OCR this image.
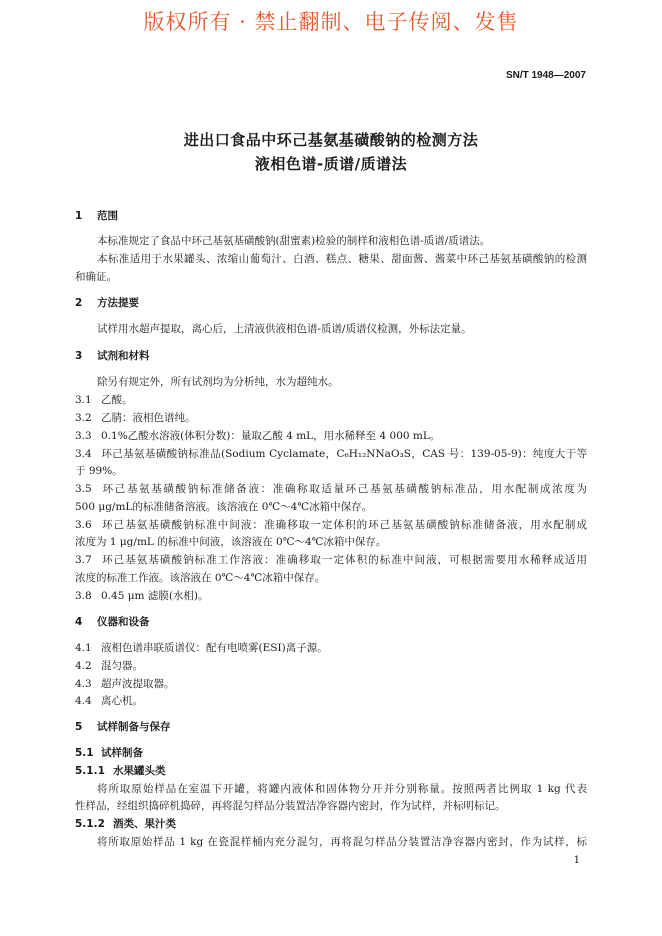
版权所有 · 禁止翻制、电子传阅、发售
SN/T 1948—2007
进出口食品中环己基氨基磺酸钠的检测方法
液相色谱-质谱/质谱法
1 范围
本标准规定了食品中环己基氨基磺酸钠(甜蜜素)检验的制样和液相色谱-质谱/质谱法。
本标准适用于水果罐头、浓缩山葡萄汁、白酒、糕点、糖果、甜面酱、酱菜中环己基氨基磺酸钠的检测
和确证。
2 方法提要
试样用水超声提取，离心后，上清液供液相色谱-质谱/质谱仪检测，外标法定量。
3 试剂和材料
除另有规定外，所有试剂均为分析纯，水为超纯水。
3.1 乙酸。
3.2 乙腈：液相色谱纯。
3.3 0.1%乙酸水溶液(体积分数)：量取乙酸 4 mL，用水稀释至 4 000 mL。
3.4 环己基氨基磺酸钠标准品(Sodium Cyclamate，C₆H₁₂NNaO₃S，CAS 号：139-05-9)：纯度大于等
于 99%。
3.5 环己基氨基磺酸钠标准储备液：准确称取适量环己基氨基磺酸钠标准品，用水配制成浓度为
500 μg/mL的标准储备溶液。该溶液在 0℃～4℃冰箱中保存。
3.6 环己基氨基磺酸钠标准中间液：准确移取一定体积的环己基氨基磺酸钠标准储备液，用水配制成
浓度为 1 μg/mL 的标准中间液，该溶液在 0℃～4℃冰箱中保存。
3.7 环己基氨基磺酸钠标准工作溶液：准确移取一定体积的标准中间液，可根据需要用水稀释成适用
浓度的标准工作液。该溶液在 0℃～4℃冰箱中保存。
3.8 0.45 μm 滤膜(水相)。
4 仪器和设备
4.1 液相色谱串联质谱仪：配有电喷雾(ESI)离子源。
4.2 混匀器。
4.3 超声波提取器。
4.4 离心机。
5 试样制备与保存
5.1 试样制备
5.1.1 水果罐头类
将所取原始样品在室温下开罐，将罐内液体和固体物分开并分别称量。按照两者比例取 1 kg 代表
性样品，经组织捣碎机捣碎，再将混匀样品分装置洁净容器内密封，作为试样，并标明标记。
5.1.2 酒类、果汁类
将所取原始样品 1 kg 在瓷混样桶内充分混匀，再将混匀样品分装置洁净容器内密封，作为试样，标
1
